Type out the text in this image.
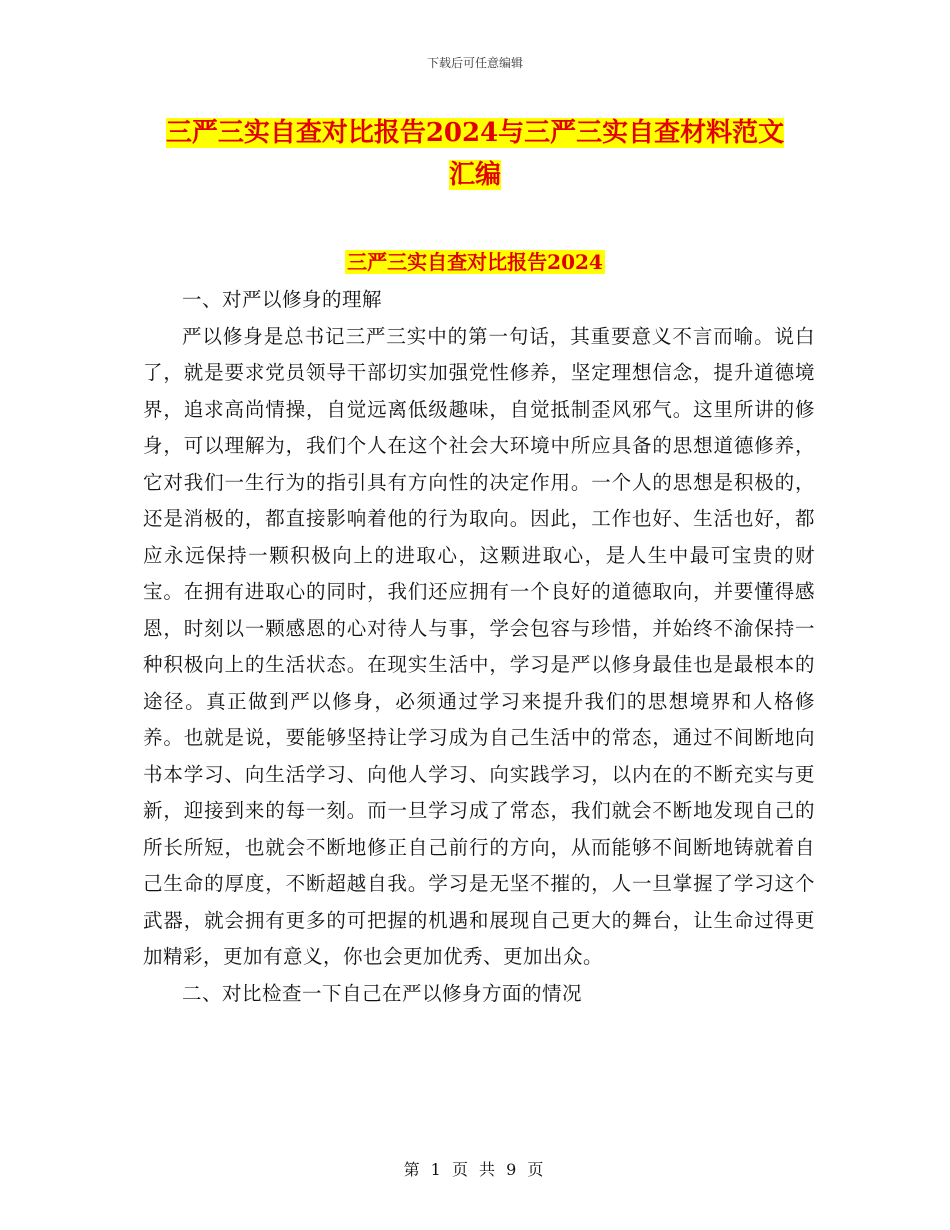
下载后可任意编辑
三严三实自查对比报告2024与三严三实自查材料范文
汇编
三严三实自查对比报告2024

一、对严以修身的理解

严以修身是总书记三严三实中的第一句话，其重要意义不言而喻。说白了，就是要求党员领导干部切实加强党性修养，坚定理想信念，提升道德境界，追求高尚情操，自觉远离低级趣味，自觉抵制歪风邪气。这里所讲的修身，可以理解为，我们个人在这个社会大环境中所应具备的思想道德修养，它对我们一生行为的指引具有方向性的决定作用。一个人的思想是积极的，还是消极的，都直接影响着他的行为取向。因此，工作也好、生活也好，都应永远保持一颗积极向上的进取心，这颗进取心，是人生中最可宝贵的财宝。在拥有进取心的同时，我们还应拥有一个良好的道德取向，并要懂得感恩，时刻以一颗感恩的心对待人与事，学会包容与珍惜，并始终不渝保持一种积极向上的生活状态。在现实生活中，学习是严以修身最佳也是最根本的途径。真正做到严以修身，必须通过学习来提升我们的思想境界和人格修养。也就是说，要能够坚持让学习成为自己生活中的常态，通过不间断地向书本学习、向生活学习、向他人学习、向实践学习，以内在的不断充实与更新，迎接到来的每一刻。而一旦学习成了常态，我们就会不断地发现自己的所长所短，也就会不断地修正自己前行的方向，从而能够不间断地铸就着自己生命的厚度，不断超越自我。学习是无坚不摧的，人一旦掌握了学习这个武器，就会拥有更多的可把握的机遇和展现自己更大的舞台，让生命过得更加精彩，更加有意义，你也会更加优秀、更加出众。

二、对比检查一下自己在严以修身方面的情况

第 1 页 共 9 页
